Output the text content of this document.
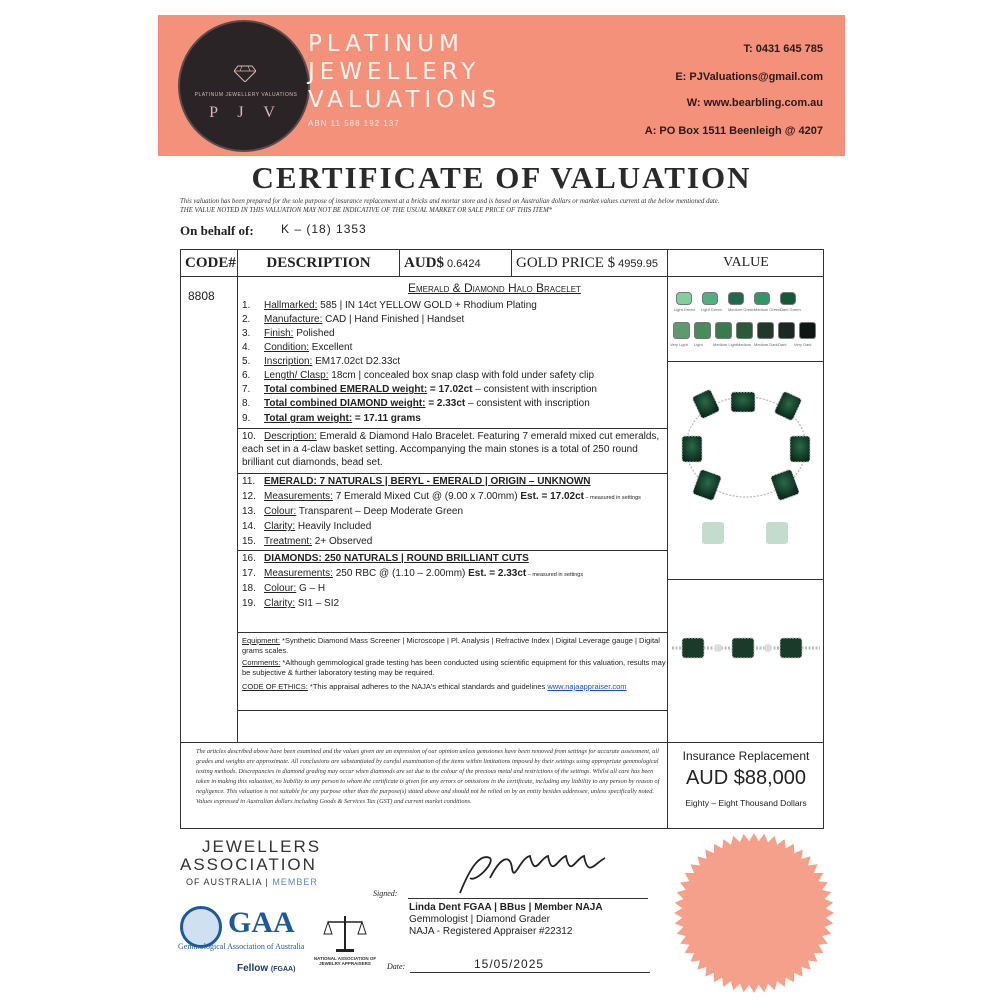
PLATINUM JEWELLERY VALUATIONS
P J V
PLATINUM
JEWELLERY
VALUATIONS
ABN 11 588 192 137
T: 0431 645 785
E: PJValuations@gmail.com
W: www.bearbling.com.au
A: PO Box 1511 Beenleigh @ 4207
CERTIFICATE OF VALUATION
This valuation has been prepared for the sole purpose of insurance replacement at a bricks and mortar store and is based on Australian dollars or market values current at the below mentioned date.
THE VALUE NOTED IN THIS VALUATION MAY NOT BE INDICATIVE OF THE USUAL MARKET OR SALE PRICE OF THIS ITEM*
On behalf of: K – (18) 1353
CODE#	DESCRIPTION	AUD$ 0.6424	GOLD PRICE $ 4959.95	VALUE
8808
Emerald & Diamond Halo Bracelet
1. Hallmarked: 585 | IN 14ct YELLOW GOLD + Rhodium Plating
2. Manufacture: CAD | Hand Finished | Handset
3. Finish: Polished
4. Condition: Excellent
5. Inscription: EM17.02ct D2.33ct
6. Length/ Clasp: 18cm | concealed box snap clasp with fold under safety clip
7. Total combined EMERALD weight: = 17.02ct – consistent with inscription
8. Total combined DIAMOND weight: = 2.33ct – consistent with inscription
9. Total gram weight: = 17.11 grams
10. Description: Emerald & Diamond Halo Bracelet. Featuring 7 emerald mixed cut emeralds, each set in a 4-claw basket setting. Accompanying the main stones is a total of 250 round brilliant cut diamonds, bead set.
11. EMERALD: 7 NATURALS | BERYL - EMERALD | ORIGIN – UNKNOWN
12. Measurements: 7 Emerald Mixed Cut @ (9.00 x 7.00mm) Est. = 17.02ct – measured in settings
13. Colour: Transparent – Deep Moderate Green
14. Clarity: Heavily Included
15. Treatment: 2+ Observed
16. DIAMONDS: 250 NATURALS | ROUND BRILLIANT CUTS
17. Measurements: 250 RBC @ (1.10 – 2.00mm) Est. = 2.33ct – measured in settings
18. Colour: G – H
19. Clarity: SI1 – SI2
Equipment: *Synthetic Diamond Mass Screener | Microscope | Pl. Analysis | Refractive Index | Digital Leverage gauge | Digital grams scales.
Comments: *Although gemmological grade testing has been conducted using scientific equipment for this valuation, results may be subjective & further laboratory testing may be required.
CODE OF ETHICS: *This appraisal adheres to the NAJA's ethical standards and guidelines www.najaappraiser.com
Light Green Light Green Medium Green Medium Green Dark Green
Very Light Light	Medium Light Medium Medium Dark Dark Very Dark
The articles described above have been examined and the values given are an expression of our opinion unless gemstones have been removed from settings for accurate assessment, all grades and weights are approximate. All conclusions are substantiated by careful examination of the items within limitations imposed by their settings using appropriate gemmological testing methods. Discrepancies in diamond grading may occur when diamonds are set due to the colour of the precious metal and restrictions of the settings. Whilst all care has been taken in making this valuation, no liability to any person to whom the certificate is given for any errors or omissions in the certificate, including any liability to any person by reason of negligence. This valuation is not suitable for any purpose other than the purpose(s) stated above and should not be relied on by an entity besides addressee, unless specifically noted. Values expressed in Australian dollars including Goods & Services Tax (GST) and current market conditions.
Insurance Replacement
AUD $88,000
Eighty – Eight Thousand Dollars
JEWELLERS
ASSOCIATION
OF AUSTRALIA | MEMBER
GAA
Gemmological Association of Australia
Fellow (FGAA)
NATIONAL ASSOCIATION OF
JEWELRY APPRAISERS
Signed:
Linda Dent FGAA | BBus | Member NAJA
Gemmologist | Diamond Grader
NAJA - Registered Appraiser #22312
Date:	15/05/2025
